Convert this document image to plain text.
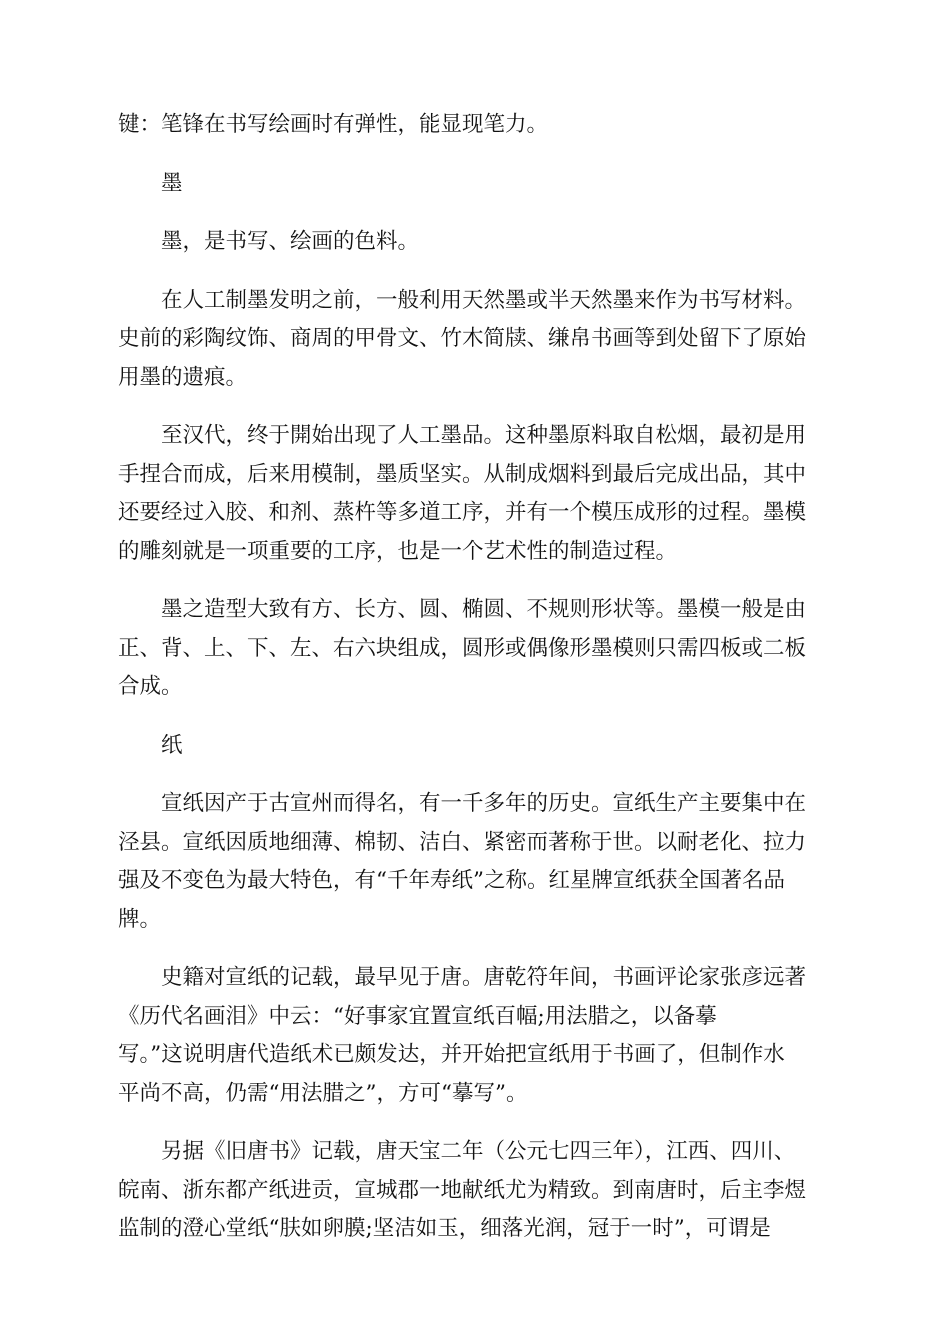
键：笔锋在书写绘画时有弹性，能显现笔力。

墨

墨，是书写、绘画的色料。

在人工制墨发明之前，一般利用天然墨或半天然墨来作为书写材料。
史前的彩陶纹饰、商周的甲骨文、竹木简牍、缣帛书画等到处留下了原始
用墨的遗痕。

至汉代，终于開始出现了人工墨品。这种墨原料取自松烟，最初是用
手捏合而成，后来用模制，墨质坚实。从制成烟料到最后完成出品，其中
还要经过入胶、和剂、蒸杵等多道工序，并有一个模压成形的过程。墨模
的雕刻就是一项重要的工序，也是一个艺术性的制造过程。

墨之造型大致有方、长方、圆、椭圆、不规则形状等。墨模一般是由
正、背、上、下、左、右六块组成，圆形或偶像形墨模则只需四板或二板
合成。

纸

宣纸因产于古宣州而得名，有一千多年的历史。宣纸生产主要集中在
泾县。宣纸因质地细薄、棉韧、洁白、紧密而著称于世。以耐老化、拉力
强及不变色为最大特色，有“千年寿纸”之称。红星牌宣纸获全国著名品
牌。

史籍对宣纸的记载，最早见于唐。唐乾符年间，书画评论家张彦远著
《历代名画泪》中云：“好事家宜置宣纸百幅;用法腊之，以备摹
写。”这说明唐代造纸术已颇发达，并开始把宣纸用于书画了，但制作水
平尚不高，仍需“用法腊之”，方可“摹写”。

另据《旧唐书》记载，唐天宝二年（公元七四三年），江西、四川、
皖南、浙东都产纸进贡，宣城郡一地献纸尤为精致。到南唐时，后主李煜
监制的澄心堂纸“肤如卵膜;坚洁如玉，细落光润，冠于一时”，可谓是
